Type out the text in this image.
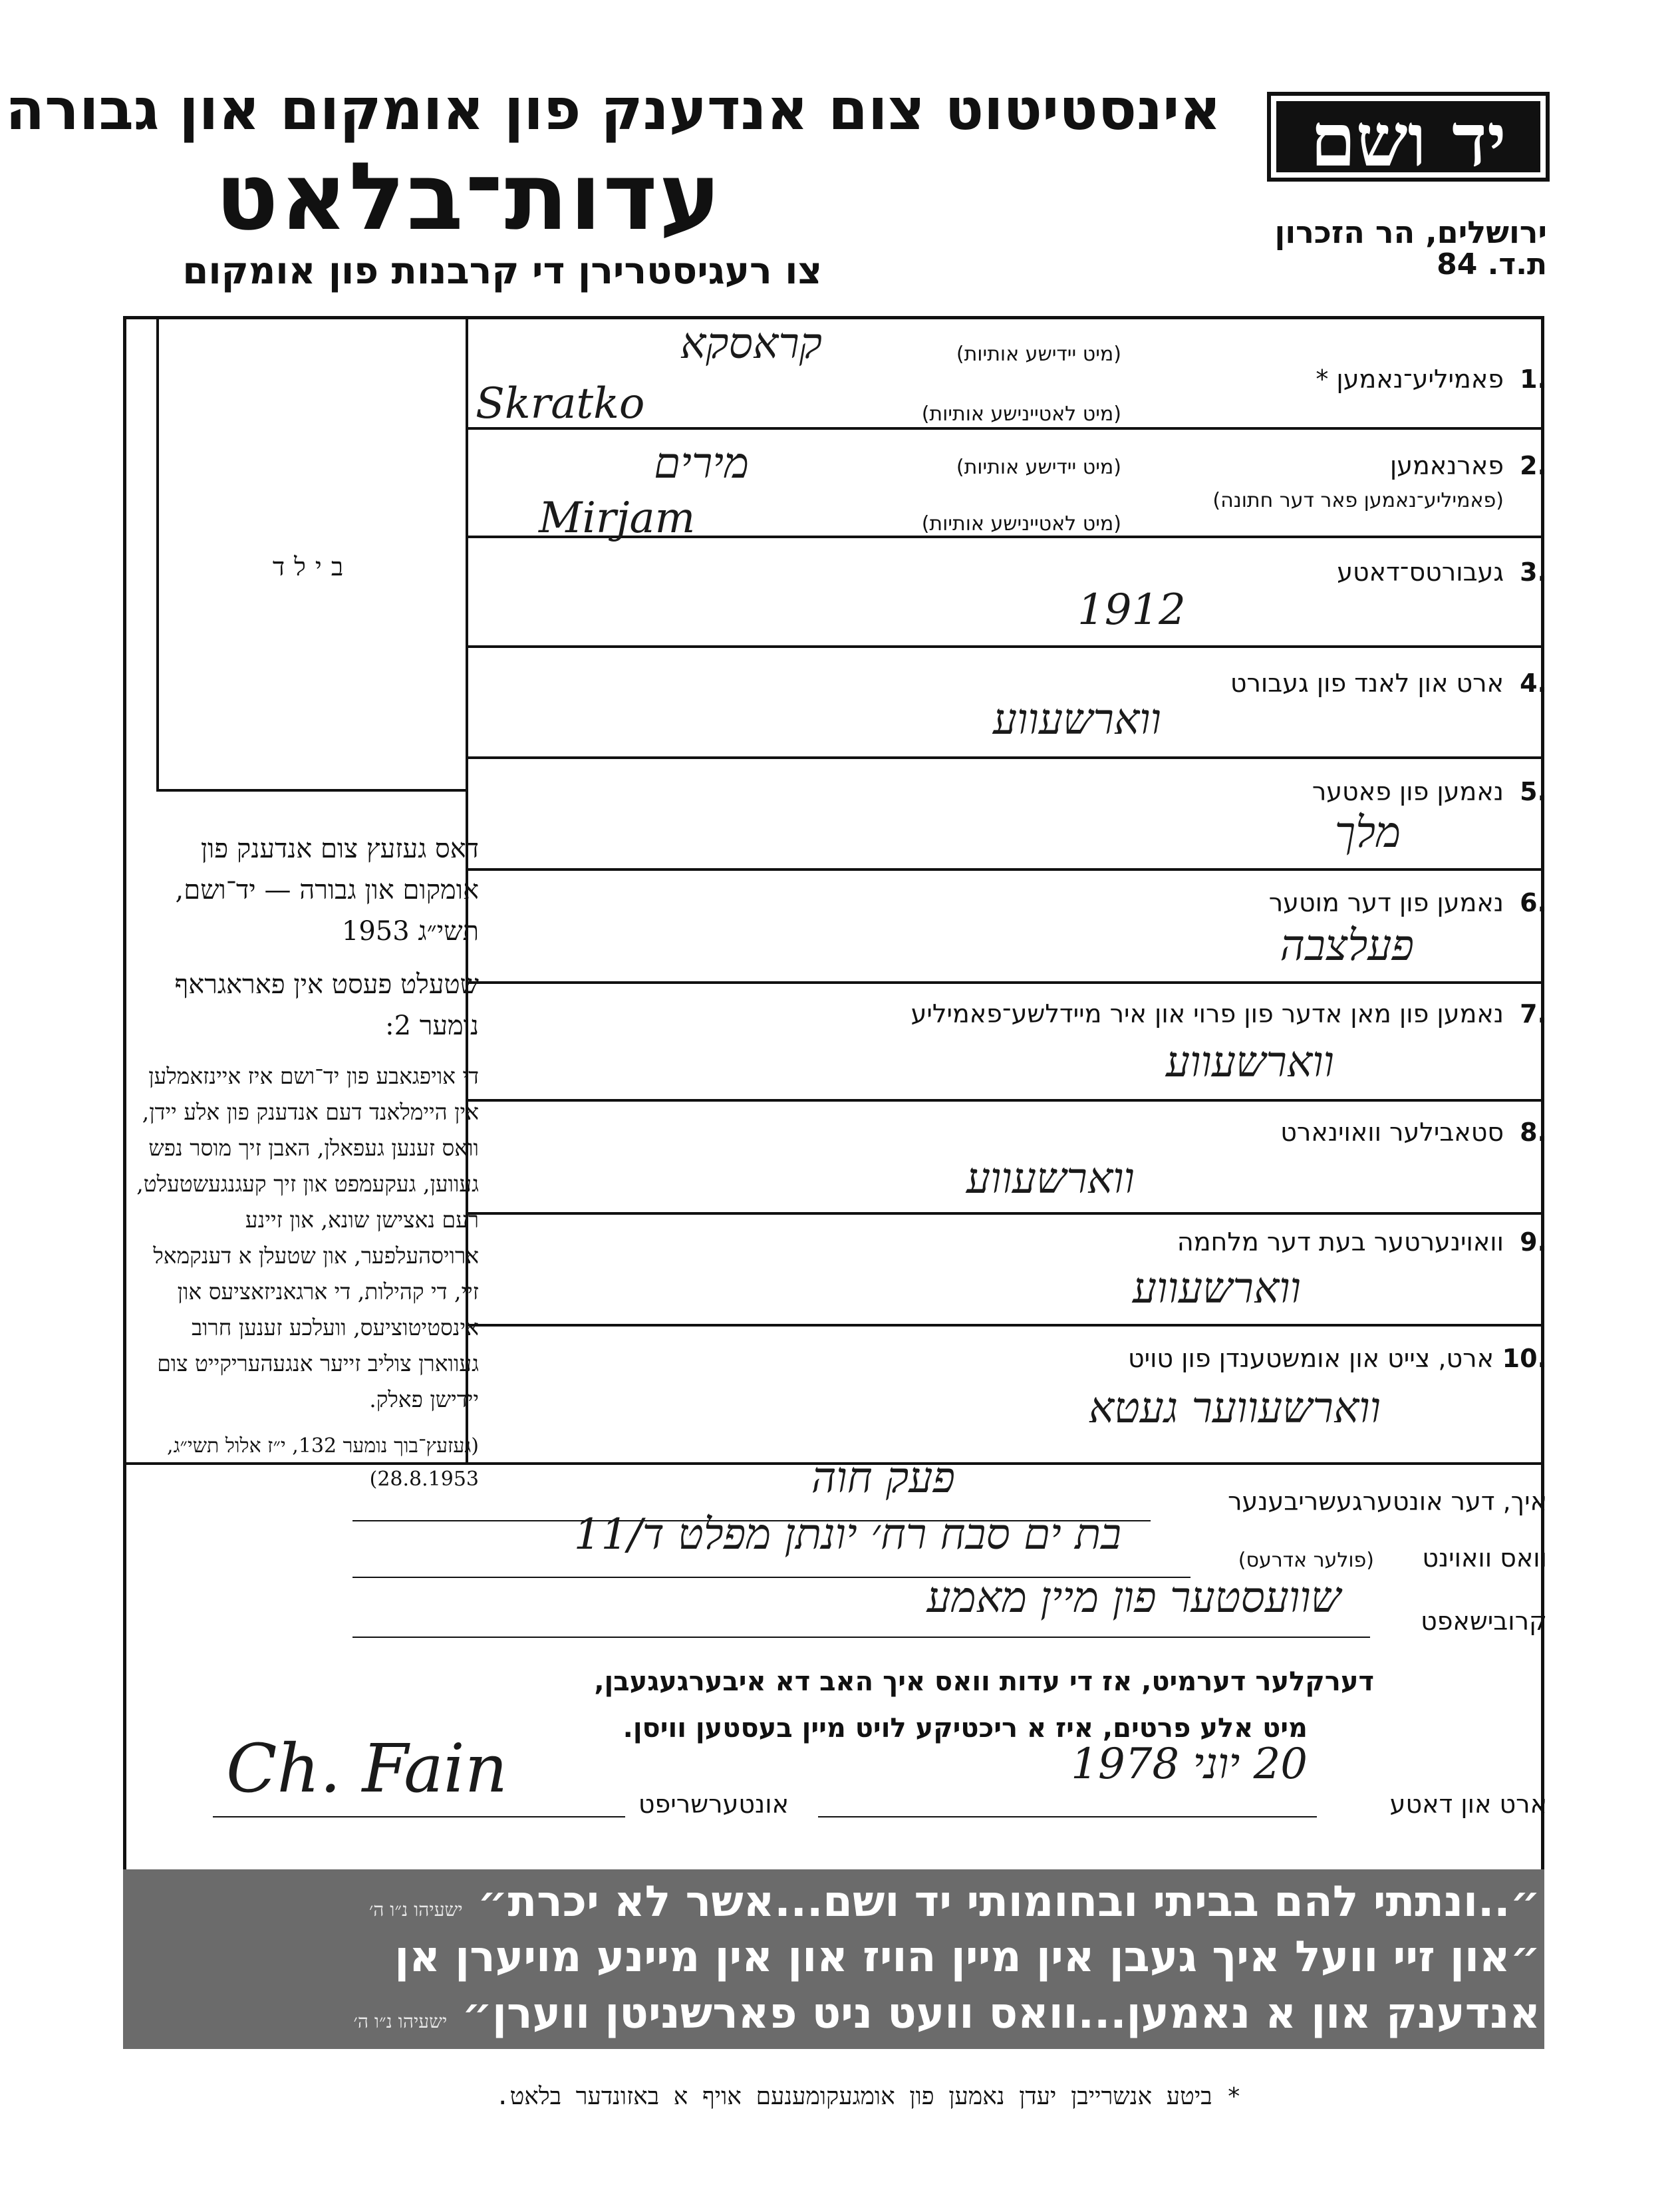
יד ושם
אינסטיטוט צום אנדענק פון אומקום און גבורה
עדות־בלאט
צו רעגיסטרירן די קרבנות פון אומקום
ירושלים, הר הזכרון
ת.ד. 84
בילד

דאס געזעץ צום אנדענק פון אומקום און גבורה — יד־ושם, תשי״ג 1953

שטעלט פעסט אין פאראגראף נומער 2:

די אויפגאבע פון יד־ושם איז איינזאמלען אין היימלאנד דעם אנדענק פון אלע יידן, וואס זענען געפאלן, האבן זיך מוסר נפש געווען, געקעמפט און זיך קעגנגעשטעלט, רעם נאצישן שונא, און זיינע ארויסהעלפער, און שטעלן א דענקמאל זיי, די קהילות, די ארגאניזאציעס און אינסטיטוציעס, וועלכע זענען חרוב געווארן צוליב זייער אנגעהעריקייט צום יידישן פאלק.

(געזעץ־בוך נומער 132, י״ז אלול תשי״ג, 28.8.1953)

1.
פאמיליע־נאמען *
(מיט יידישע אותיות)
(מיט לאטיינישע אותיות)
קראסקא
Skratko
2.
פארנאמען
(פאמיליע־נאמען פאר דער חתונה)
(מיט יידישע אותיות)
(מיט לאטיינישע אותיות)
מירים
Mirjam
3.
געבורטס־דאטע
1912
4.
ארט און לאנד פון געבורט
ווארשעווע
5.
נאמען פון פאטער
מלך
6.
נאמען פון דער מוטער
פעלצבה
7.
נאמען פון מאן אדער פון פרוי און איר מיידלשע־פאמיליע
ווארשעווע
8.
סטאבילער וואוינארט
ווארשעווע
9.
וואוינערטער בעת דער מלחמה
ווארשעווע
10.
ארט, צייט און אומשטענדן פון טויט
ווארשעווער געטא
איך, דער אונטערגעשריבענער
פעק חוה
וואס וואוינט
(פולער אדרעס)
בת ים סבח רח׳ יונתן מפלט ד/11
קרובישאפט
שוועסטער פון מיין מאמע
דערקלער דערמיט, אז די עדות וואס איך האב דא איבערגעגעבן,
מיט אלע פרטים, איז א ריכטיקע לויט מיין בעסטען וויסן.
ארט און דאטע
20 יוני 1978
אונטערשריפט
Ch. Fain
״..ונתתי להם בביתי ובחומותי יד ושם...אשר לא יכרת״ ישעיהו נ״ו ה׳
״און זיי וועל איך געבן אין מיין הויז און אין מיינע מויערן אן
אנדענק און א נאמען...וואס וועט ניט פארשניטן ווערן״ ישעיהו נ״ו ה׳
* ביטע אנשרייבן יעדן נאמען פון אומגעקומענעם אויף א באזונדער בלאט.
